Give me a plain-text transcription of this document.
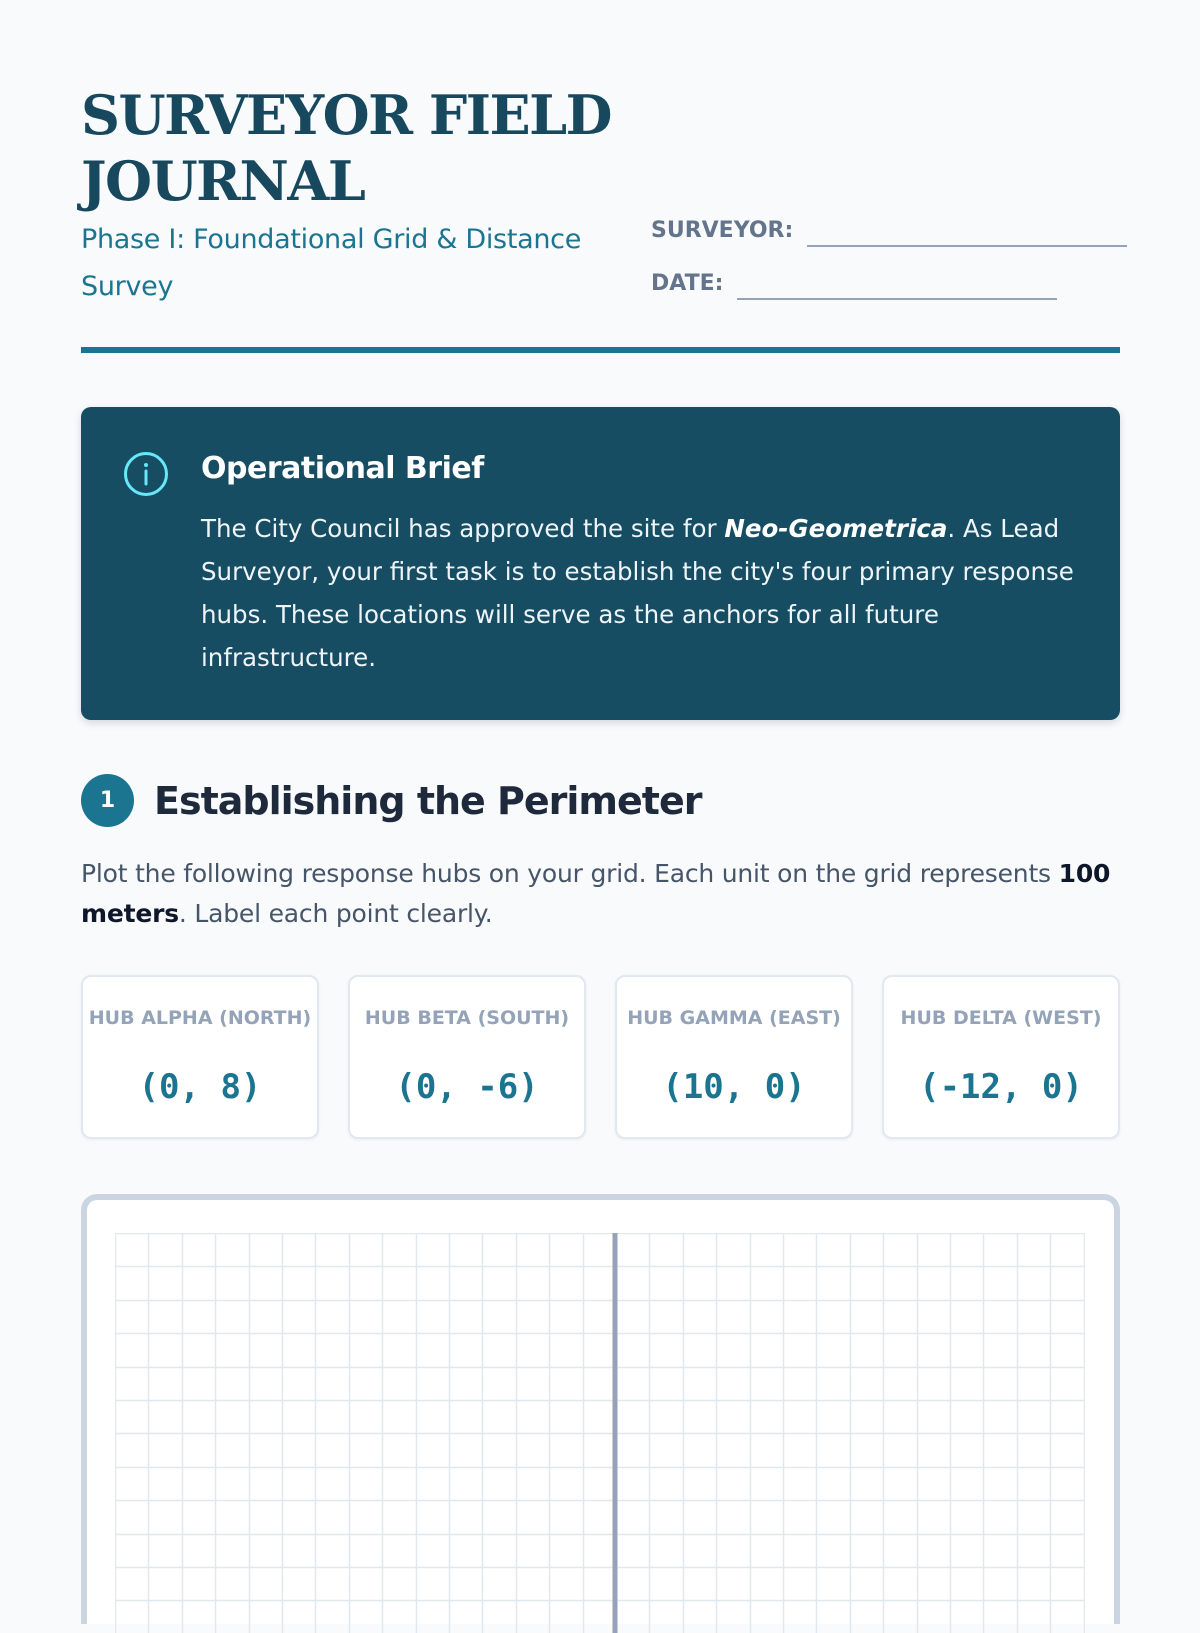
SURVEYOR FIELD JOURNAL
Phase I: Foundational Grid & Distance Survey
SURVEYOR:
DATE:
Operational Brief
The City Council has approved the site for Neo-Geometrica. As Lead Surveyor, your first task is to establish the city's four primary response hubs. These locations will serve as the anchors for all future infrastructure.
1	Establishing the Perimeter
Plot the following response hubs on your grid. Each unit on the grid represents 100 meters. Label each point clearly.
HUB ALPHA (NORTH)
(0, 8)
HUB BETA (SOUTH)
(0, -6)
HUB GAMMA (EAST)
(10, 0)
HUB DELTA (WEST)
(-12, 0)
